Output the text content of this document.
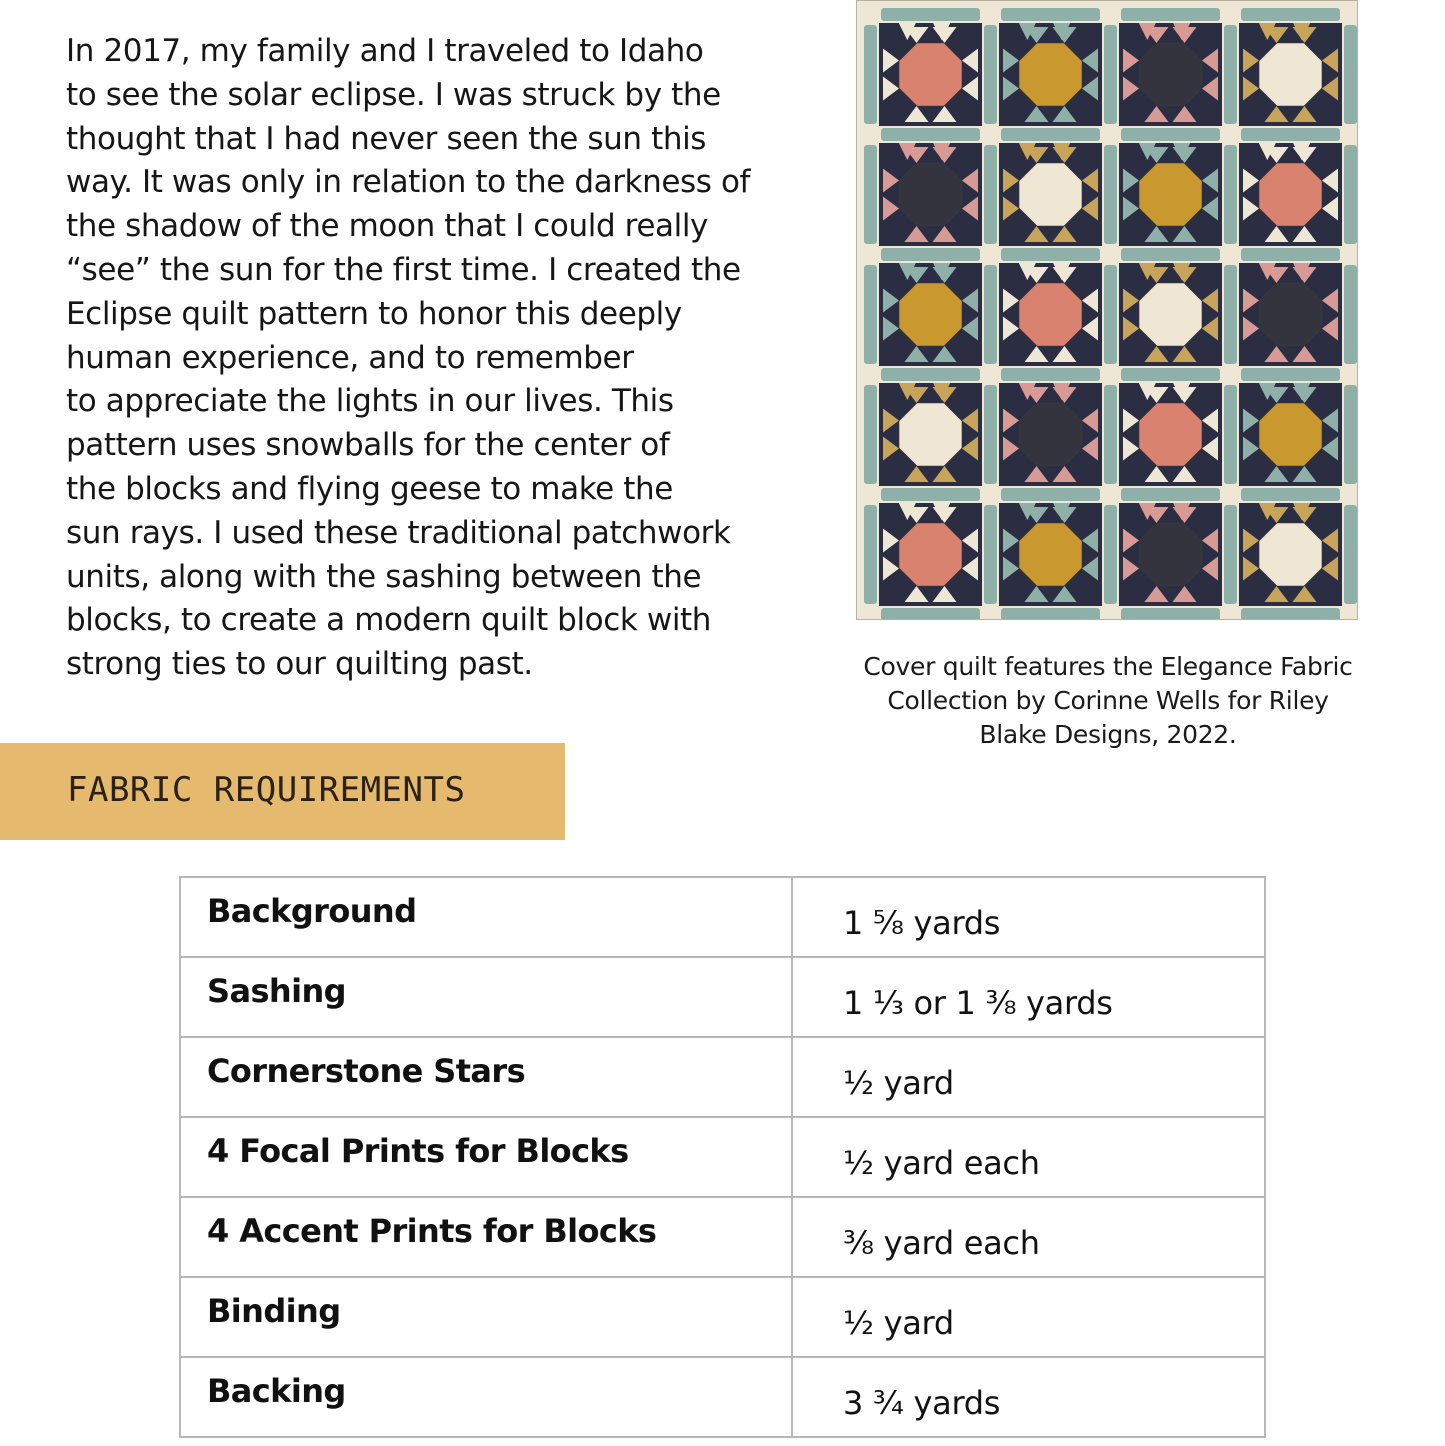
In 2017, my family and I traveled to Idaho
to see the solar eclipse. I was struck by the
thought that I had never seen the sun this
way. It was only in relation to the darkness of
the shadow of the moon that I could really
“see” the sun for the first time. I created the
Eclipse quilt pattern to honor this deeply
human experience, and to remember
to appreciate the lights in our lives. This
pattern uses snowballs for the center of
the blocks and flying geese to make the
sun rays. I used these traditional patchwork
units, along with the sashing between the
blocks, to create a modern quilt block with
strong ties to our quilting past.	Cover quilt features the Elegance Fabric
Collection by Corinne Wells for Riley
Blake Designs, 2022.
FABRIC REQUIREMENTS
Background	1 ⅝ yards
Sashing	1 ⅓ or 1 ⅜ yards
Cornerstone Stars	½ yard
4 Focal Prints for Blocks	½ yard each
4 Accent Prints for Blocks	⅜ yard each
Binding	½ yard
Backing	3 ¾ yards
